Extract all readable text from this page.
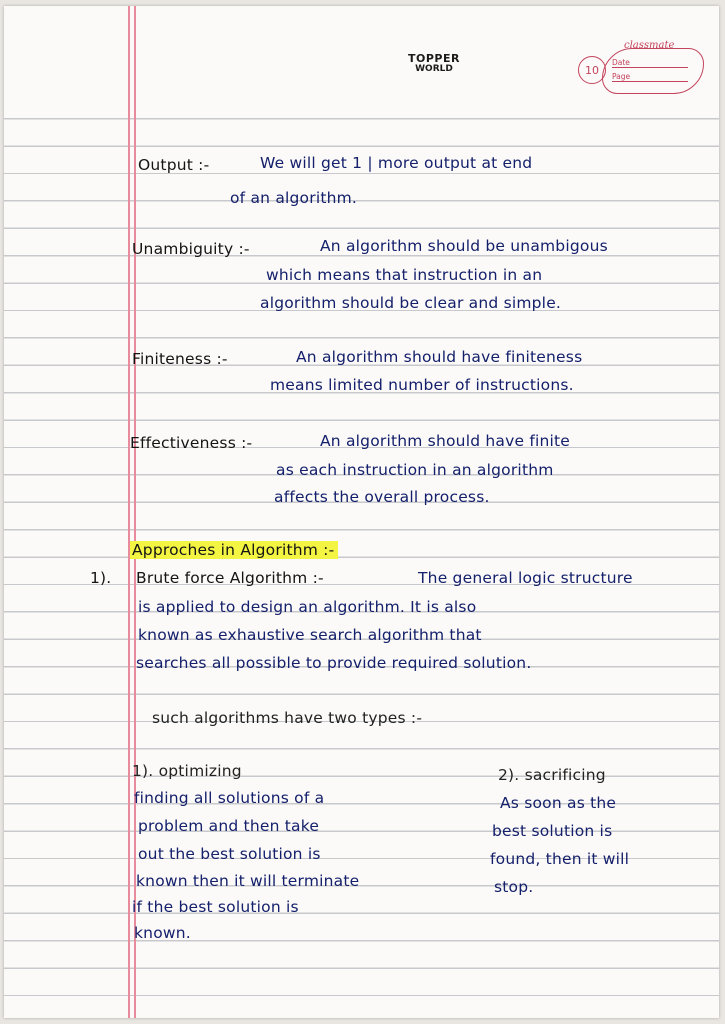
TOPPER
WORLD
classmate
10
Date
Page
Output :-	We will get 1 | more output at end
of an algorithm.
Unambiguity :-	An algorithm should be unambigous
which means that instruction in an
algorithm should be clear and simple.
Finiteness :-	An algorithm should have finiteness
means limited number of instructions.
Effectiveness :-	An algorithm should have finite
as each instruction in an algorithm
affects the overall process.
Approches in Algorithm :-
1). Brute force Algorithm :-	The general logic structure
is applied to design an algorithm. It is also
known as exhaustive search algorithm that
searches all possible to provide required solution.
such algorithms have two types :-
1). optimizing
finding all solutions of a
problem and then take
out the best solution is
known then it will terminate
if the best solution is
known.
2). sacrificing
As soon as the
best solution is
found, then it will
stop.
